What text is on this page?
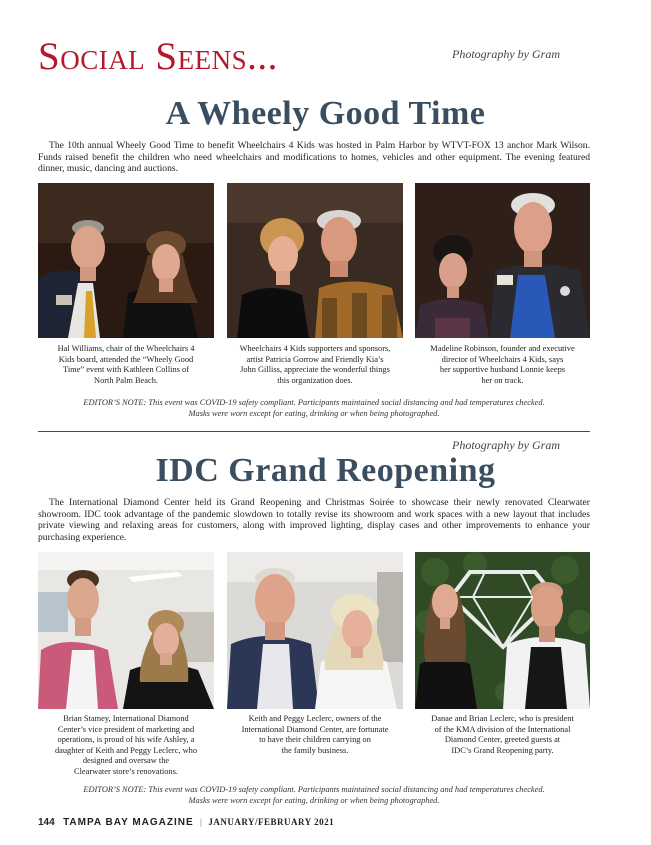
Social Seens...	Photography by Gram
A Wheely Good Time

The 10th annual Wheely Good Time to benefit Wheelchairs 4 Kids was hosted in Palm Harbor by WTVT-FOX 13 anchor Mark Wilson. Funds raised benefit the children who need wheelchairs and modifications to homes, vehicles and other equipment. The evening featured dinner, music, dancing and auctions.

Hal Williams, chair of the Wheelchairs 4
Kids board, attended the “Wheely Good
Time” event with Kathleen Collins of
North Palm Beach.
Wheelchairs 4 Kids supporters and sponsors,
artist Patricia Gorrow and Friendly Kia’s
John Gilliss, appreciate the wonderful things
this organization does.
Madeline Robinson, founder and executive
director of Wheelchairs 4 Kids, says
her supportive husband Lonnie keeps
her on track.
EDITOR’S NOTE: This event was COVID-19 safety compliant. Participants maintained social distancing and had temperatures checked.
Masks were worn except for eating, drinking or when being photographed.
Photography by Gram
IDC Grand Reopening

The International Diamond Center held its Grand Reopening and Christmas Soirée to showcase their newly renovated Clearwater showroom. IDC took advantage of the pandemic slowdown to totally revise its showroom and work spaces with a new layout that includes private viewing and relaxing areas for customers, along with improved lighting, display cases and other improvements to enhance your purchasing experience.

Brian Stamey, International Diamond
Center’s vice president of marketing and
operations, is proud of his wife Ashley, a
daughter of Keith and Peggy Leclerc, who
designed and oversaw the
Clearwater store’s renovations.
Keith and Peggy Leclerc, owners of the
International Diamond Center, are fortunate
to have their children carrying on
the family business.
Danae and Brian Leclerc, who is president
of the KMA division of the International
Diamond Center, greeted guests at
IDC’s Grand Reopening party.
EDITOR’S NOTE: This event was COVID-19 safety compliant. Participants maintained social distancing and had temperatures checked.
Masks were worn except for eating, drinking or when being photographed.
144 TAMPA BAY MAGAZINE | JANUARY/FEBRUARY 2021
